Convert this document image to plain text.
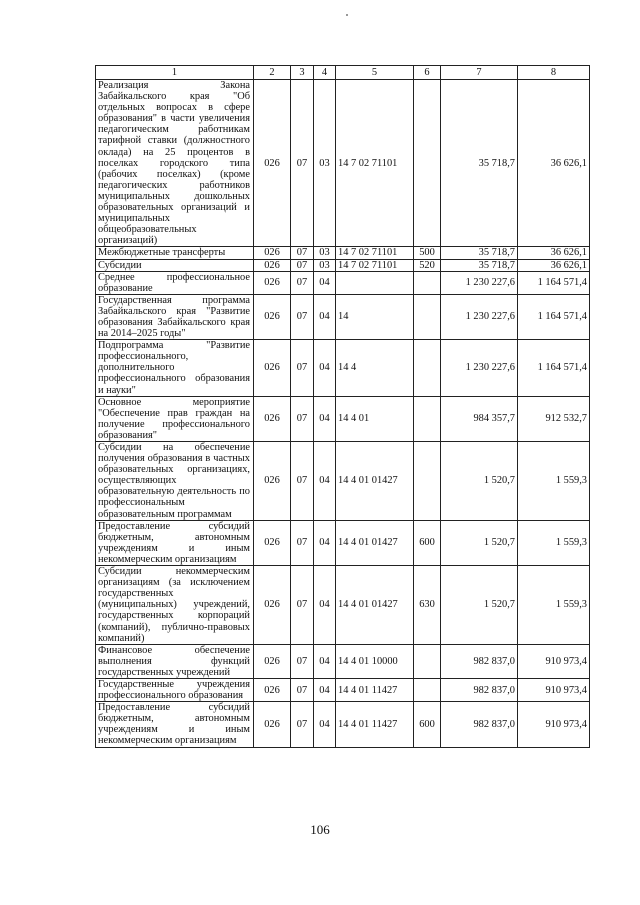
1	2	3	4	5	6	7	8
Реализация Закона Забайкальского края "Об отдельных вопросах в сфере образования" в части увеличения педагогическим работникам тарифной ставки (должностного оклада) на 25 процентов в поселках городского типа (рабочих поселках) (кроме педагогических работников муниципальных дошкольных образовательных организаций и муниципальных общеобразовательных организаций)	026	07	03	14 7 02 71101		35 718,7	36 626,1
Межбюджетные трансферты	026	07	03	14 7 02 71101	500	35 718,7	36 626,1
Субсидии	026	07	03	14 7 02 71101	520	35 718,7	36 626,1
Среднее профессиональное образование	026	07	04			1 230 227,6	1 164 571,4
Государственная программа Забайкальского края "Развитие образования Забайкальского края на 2014–2025 годы"	026	07	04	14		1 230 227,6	1 164 571,4
Подпрограмма "Развитие профессионального, дополнительного профессионального образования и науки"	026	07	04	14 4		1 230 227,6	1 164 571,4
Основное мероприятие "Обеспечение прав граждан на получение профессионального образования"	026	07	04	14 4 01		984 357,7	912 532,7
Субсидии на обеспечение получения образования в частных образовательных организациях, осуществляющих образовательную деятельность по профессиональным образовательным программам	026	07	04	14 4 01 01427		1 520,7	1 559,3
Предоставление субсидий бюджетным, автономным учреждениям и иным некоммерческим организациям	026	07	04	14 4 01 01427	600	1 520,7	1 559,3
Субсидии некоммерческим организациям (за исключением государственных (муниципальных) учреждений, государственных корпораций (компаний), публично-правовых компаний)	026	07	04	14 4 01 01427	630	1 520,7	1 559,3
Финансовое обеспечение выполнения функций государственных учреждений	026	07	04	14 4 01 10000		982 837,0	910 973,4
Государственные учреждения профессионального образования	026	07	04	14 4 01 11427		982 837,0	910 973,4
Предоставление субсидий бюджетным, автономным учреждениям и иным некоммерческим организациям	026	07	04	14 4 01 11427	600	982 837,0	910 973,4
106
